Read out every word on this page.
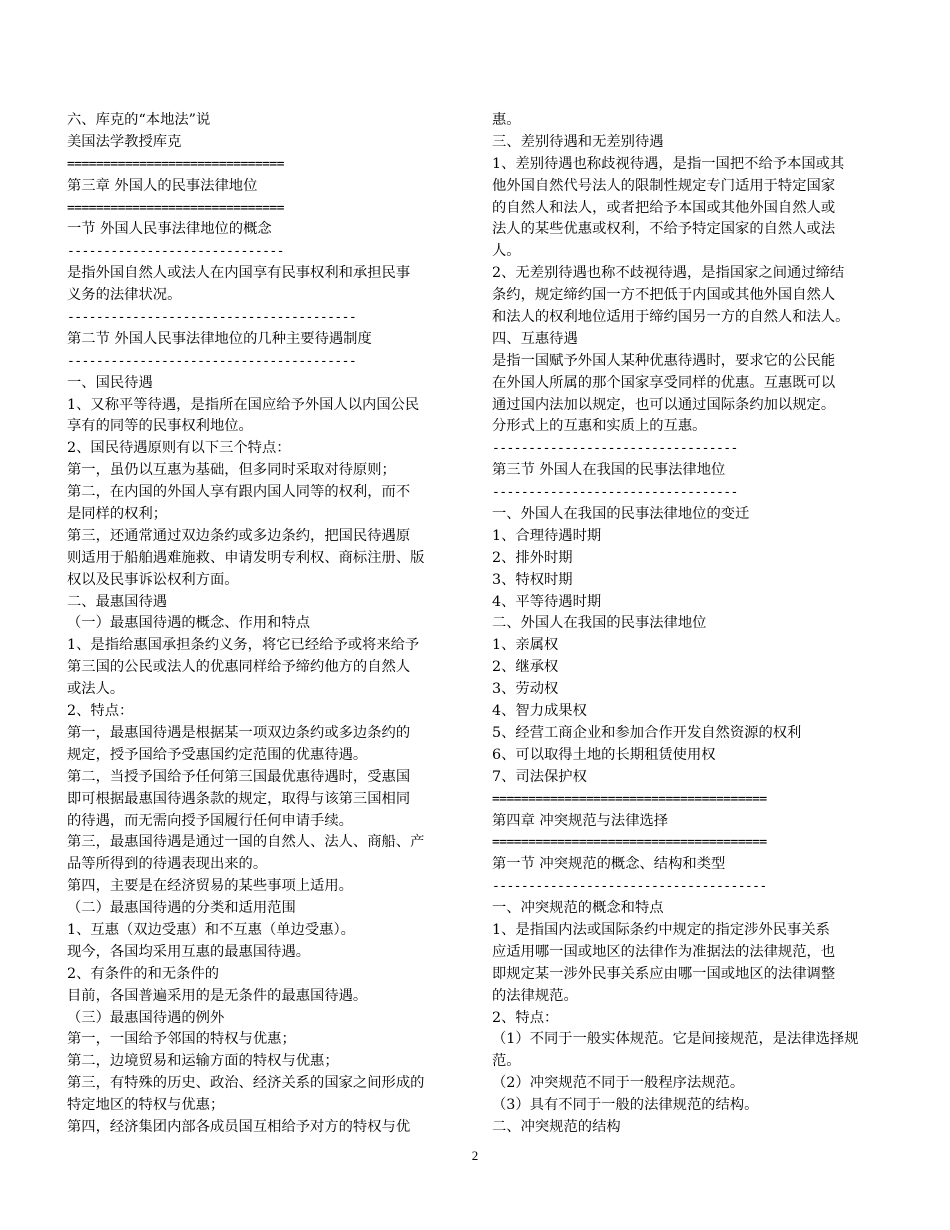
六、库克的“本地法”说
美国法学教授库克
==============================
第三章 外国人的民事法律地位
==============================
一节 外国人民事法律地位的概念
------------------------------
是指外国自然人或法人在内国享有民事权利和承担民事
义务的法律状况。
----------------------------------------
第二节 外国人民事法律地位的几种主要待遇制度
----------------------------------------
一、国民待遇
1、又称平等待遇，是指所在国应给予外国人以内国公民
享有的同等的民事权利地位。
2、国民待遇原则有以下三个特点：
第一，虽仍以互惠为基础，但多同时采取对待原则；
第二，在内国的外国人享有跟内国人同等的权利，而不
是同样的权利；
第三，还通常通过双边条约或多边条约，把国民待遇原
则适用于船舶遇难施救、申请发明专利权、商标注册、版
权以及民事诉讼权利方面。
二、最惠国待遇
（一）最惠国待遇的概念、作用和特点
1、是指给惠国承担条约义务，将它已经给予或将来给予
第三国的公民或法人的优惠同样给予缔约他方的自然人
或法人。
2、特点：
第一，最惠国待遇是根据某一项双边条约或多边条约的
规定，授予国给予受惠国约定范围的优惠待遇。
第二，当授予国给予任何第三国最优惠待遇时，受惠国
即可根据最惠国待遇条款的规定，取得与该第三国相同
的待遇，而无需向授予国履行任何申请手续。
第三，最惠国待遇是通过一国的自然人、法人、商船、产
品等所得到的待遇表现出来的。
第四，主要是在经济贸易的某些事项上适用。
（二）最惠国待遇的分类和适用范围
1、互惠（双边受惠）和不互惠（单边受惠）。
现今，各国均采用互惠的最惠国待遇。
2、有条件的和无条件的
目前，各国普遍采用的是无条件的最惠国待遇。
（三）最惠国待遇的例外
第一，一国给予邻国的特权与优惠；
第二，边境贸易和运输方面的特权与优惠；
第三，有特殊的历史、政治、经济关系的国家之间形成的
特定地区的特权与优惠；
第四，经济集团内部各成员国互相给予对方的特权与优
惠。
三、差别待遇和无差别待遇
1、差别待遇也称歧视待遇，是指一国把不给予本国或其
他外国自然代号法人的限制性规定专门适用于特定国家
的自然人和法人，或者把给予本国或其他外国自然人或
法人的某些优惠或权利，不给予特定国家的自然人或法
人。
2、无差别待遇也称不歧视待遇，是指国家之间通过缔结
条约，规定缔约国一方不把低于内国或其他外国自然人
和法人的权利地位适用于缔约国另一方的自然人和法人。
四、互惠待遇
是指一国赋予外国人某种优惠待遇时，要求它的公民能
在外国人所属的那个国家享受同样的优惠。互惠既可以
通过国内法加以规定，也可以通过国际条约加以规定。
分形式上的互惠和实质上的互惠。
----------------------------------
第三节 外国人在我国的民事法律地位
----------------------------------
一、外国人在我国的民事法律地位的变迁
1、合理待遇时期
2、排外时期
3、特权时期
4、平等待遇时期
二、外国人在我国的民事法律地位
1、亲属权
2、继承权
3、劳动权
4、智力成果权
5、经营工商企业和参加合作开发自然资源的权利
6、可以取得土地的长期租赁使用权
7、司法保护权
======================================
第四章 冲突规范与法律选择
======================================
第一节 冲突规范的概念、结构和类型
--------------------------------------
一、冲突规范的概念和特点
1、是指国内法或国际条约中规定的指定涉外民事关系
应适用哪一国或地区的法律作为准据法的法律规范，也
即规定某一涉外民事关系应由哪一国或地区的法律调整
的法律规范。
2、特点：
（1）不同于一般实体规范。它是间接规范，是法律选择规
范。
（2）冲突规范不同于一般程序法规范。
（3）具有不同于一般的法律规范的结构。
二、冲突规范的结构
2
